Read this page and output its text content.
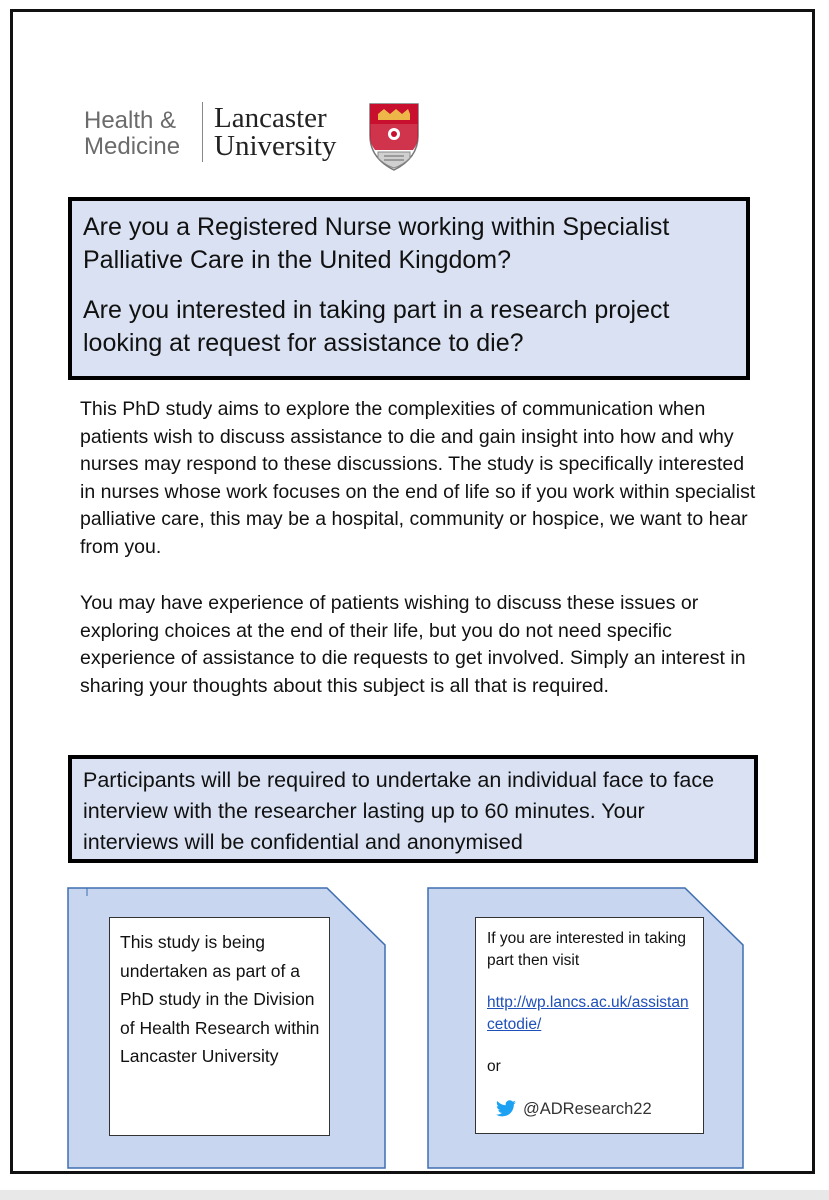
Health &
Medicine
Lancaster
University

Are you a Registered Nurse working within Specialist Palliative Care in the United Kingdom?

Are you interested in taking part in a research project looking at request for assistance to die?

This PhD study aims to explore the complexities of communication when patients wish to discuss assistance to die and gain insight into how and why nurses may respond to these discussions. The study is specifically interested in nurses whose work focuses on the end of life so if you work within specialist palliative care, this may be a hospital, community or hospice, we want to hear from you.

You may have experience of patients wishing to discuss these issues or exploring choices at the end of their life, but you do not need specific experience of assistance to die requests to get involved. Simply an interest in sharing your thoughts about this subject is all that is required.

Participants will be required to undertake an individual face to face interview with the researcher lasting up to 60 minutes. Your interviews will be confidential and anonymised

This study is being undertaken as part of a PhD study in the Division of Health Research within Lancaster University
If you are interested in taking part then visit
http://wp.lancs.ac.uk/assistancetodie/
or
@ADResearch22
